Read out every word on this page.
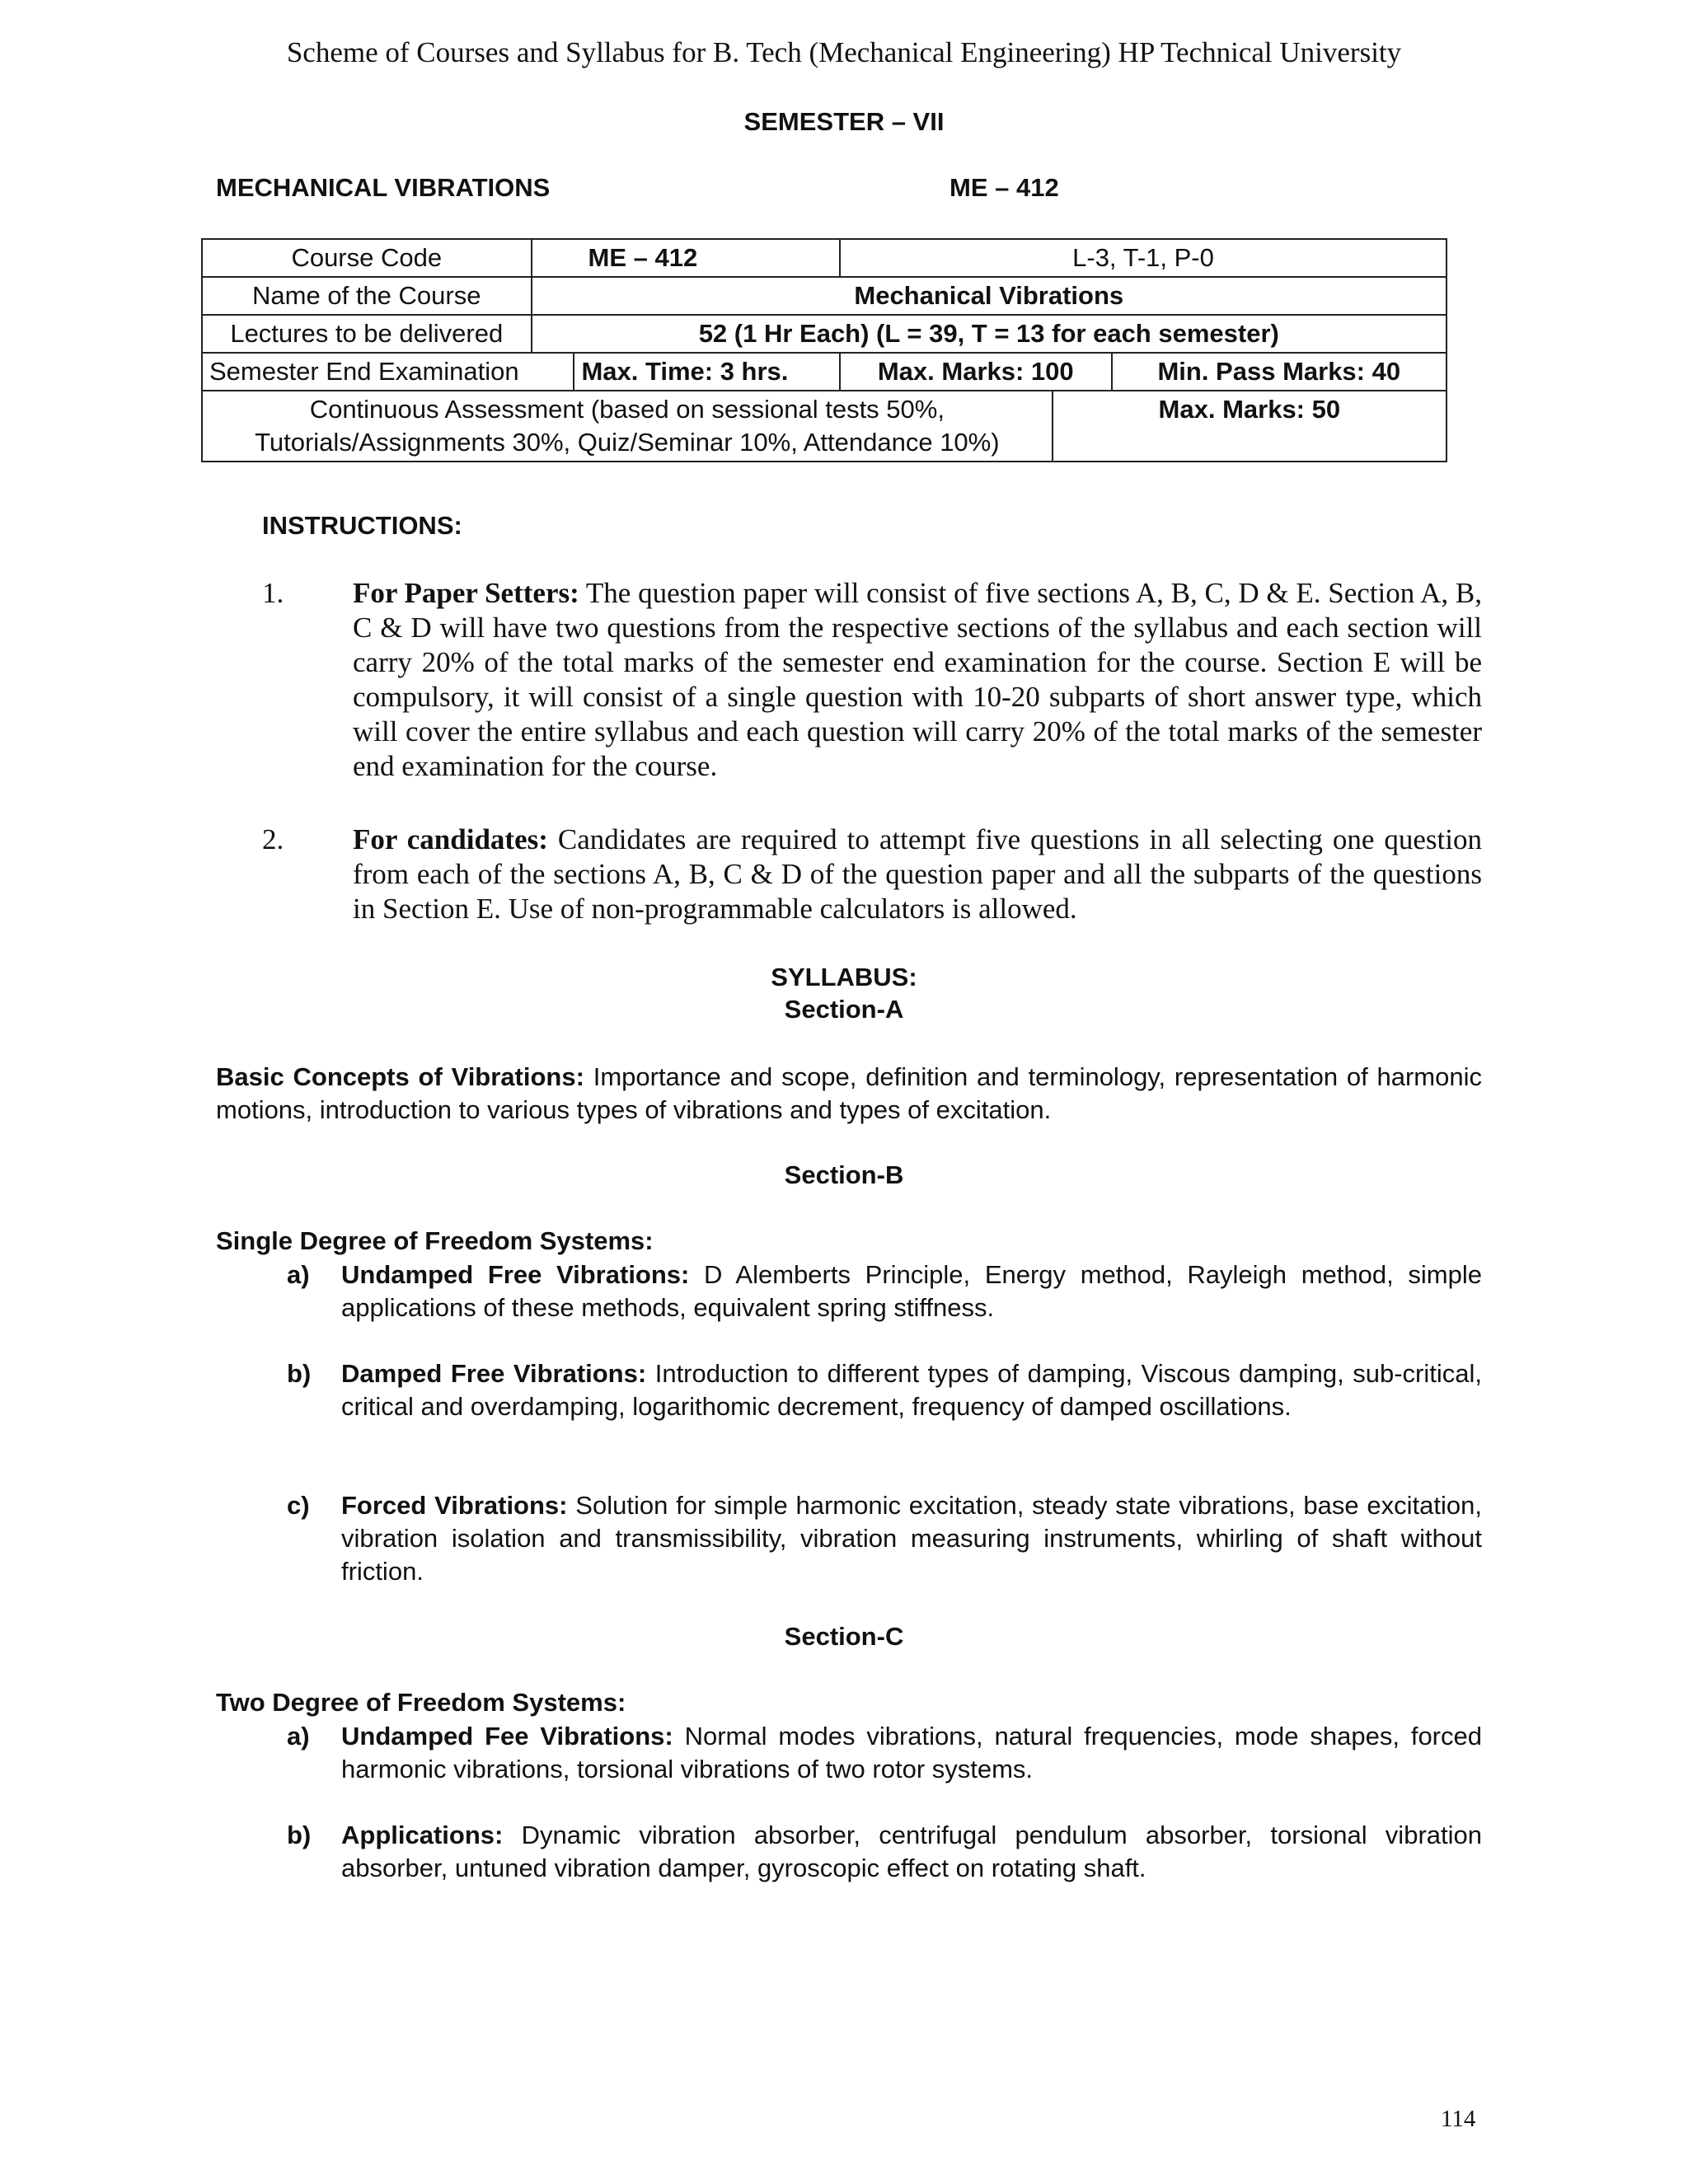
Scheme of Courses and Syllabus for B. Tech (Mechanical Engineering) HP Technical University
SEMESTER – VII
MECHANICAL VIBRATIONS	ME – 412
Course Code	ME – 412		L-3, T-1, P-0		
Name of the Course	Mechanical Vibrations				
Lectures to be delivered	52 (1 Hr Each) (L = 39, T = 13 for each semester)				
Semester End Examination		Max. Time: 3 hrs.	Max. Marks: 100		Min. Pass Marks: 40
Continuous Assessment (based on sessional tests 50%, Tutorials/Assignments 30%, Quiz/Seminar 10%, Attendance 10%)				Max. Marks: 50	
INSTRUCTIONS:
1. For Paper Setters: The question paper will consist of five sections A, B, C, D & E. Section A, B, C & D will have two questions from the respective sections of the syllabus and each section will carry 20% of the total marks of the semester end examination for the course. Section E will be compulsory, it will consist of a single question with 10-20 subparts of short answer type, which will cover the entire syllabus and each question will carry 20% of the total marks of the semester end examination for the course.
2. For candidates: Candidates are required to attempt five questions in all selecting one question from each of the sections A, B, C & D of the question paper and all the subparts of the questions in Section E. Use of non-programmable calculators is allowed.
SYLLABUS:
Section-A
Basic Concepts of Vibrations: Importance and scope, definition and terminology, representation of harmonic motions, introduction to various types of vibrations and types of excitation.
Section-B
Single Degree of Freedom Systems:
a) Undamped Free Vibrations: D Alemberts Principle, Energy method, Rayleigh method, simple applications of these methods, equivalent spring stiffness.
b) Damped Free Vibrations: Introduction to different types of damping, Viscous damping, sub-critical, critical and overdamping, logarithomic decrement, frequency of damped oscillations.
c) Forced Vibrations: Solution for simple harmonic excitation, steady state vibrations, base excitation, vibration isolation and transmissibility, vibration measuring instruments, whirling of shaft without friction.
Section-C
Two Degree of Freedom Systems:
a) Undamped Fee Vibrations: Normal modes vibrations, natural frequencies, mode shapes, forced harmonic vibrations, torsional vibrations of two rotor systems.
b) Applications: Dynamic vibration absorber, centrifugal pendulum absorber, torsional vibration absorber, untuned vibration damper, gyroscopic effect on rotating shaft.
114
